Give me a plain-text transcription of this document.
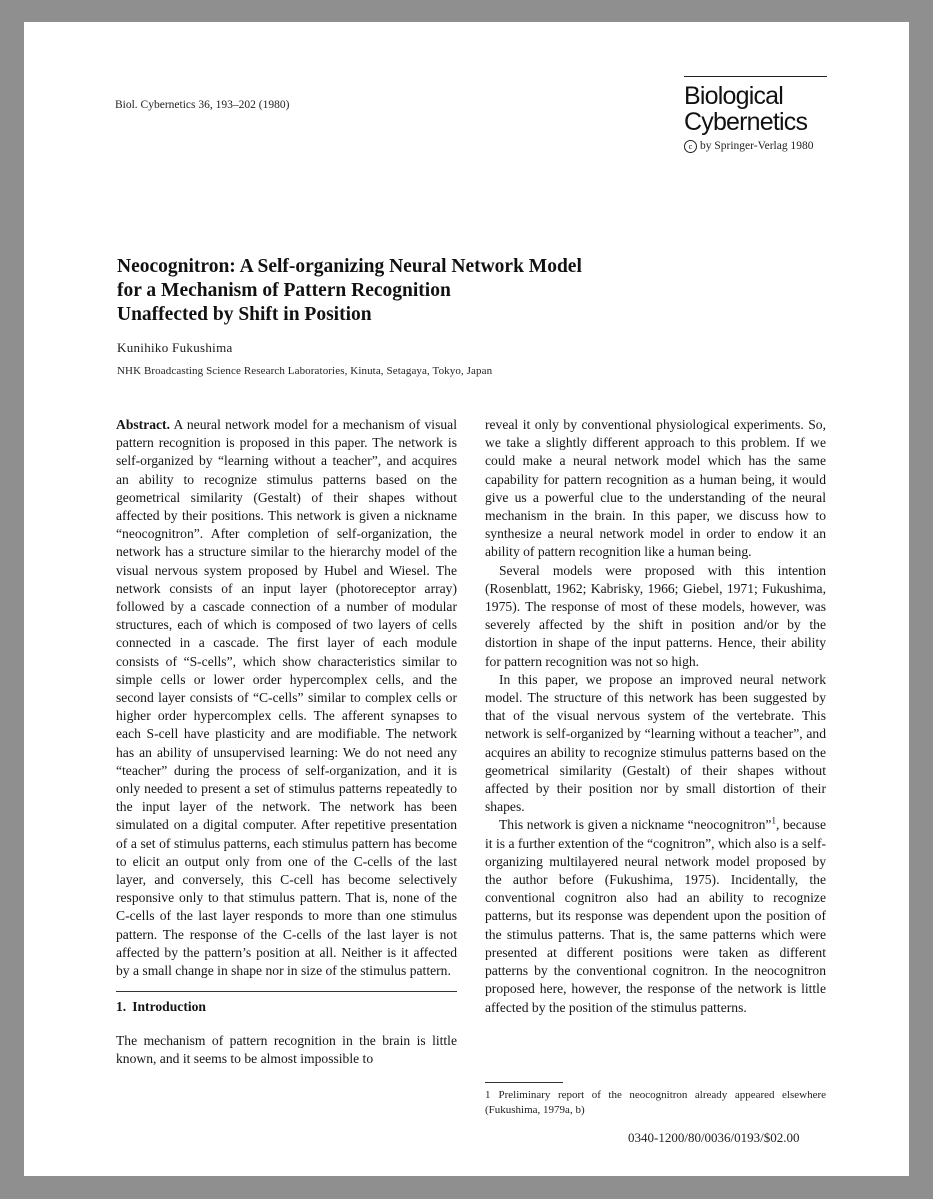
Biol. Cybernetics 36, 193–202 (1980)	Biological
Cybernetics
c by Springer-Verlag 1980
Neocognitron: A Self-organizing Neural Network Model
for a Mechanism of Pattern Recognition
Unaffected by Shift in Position
Kunihiko Fukushima
NHK Broadcasting Science Research Laboratories, Kinuta, Setagaya, Tokyo, Japan

Abstract. A neural network model for a mechanism of visual pattern recognition is proposed in this paper. The network is self-organized by “learning without a teacher”, and acquires an ability to recognize stimulus patterns based on the geometrical similarity (Gestalt) of their shapes without affected by their positions. This network is given a nickname “neocognitron”. After completion of self-organization, the network has a structure similar to the hierarchy model of the visual nervous system proposed by Hubel and Wiesel. The network consists of an input layer (photoreceptor array) followed by a cascade connection of a number of modular structures, each of which is composed of two layers of cells connected in a cascade. The first layer of each module consists of “S-cells”, which show characteristics similar to simple cells or lower order hypercomplex cells, and the second layer consists of “C-cells” similar to complex cells or higher order hypercomplex cells. The afferent synapses to each S-cell have plasticity and are modifiable. The network has an ability of unsupervised learning: We do not need any “teacher” during the process of self-organization, and it is only needed to present a set of stimulus patterns repeatedly to the input layer of the network. The network has been simulated on a digital computer. After repetitive presentation of a set of stimulus patterns, each stimulus pattern has become to elicit an output only from one of the C-cells of the last layer, and conversely, this C-cell has become selectively responsive only to that stimulus pattern. That is, none of the C-cells of the last layer responds to more than one stimulus pattern. The response of the C-cells of the last layer is not affected by the pattern’s position at all. Neither is it affected by a small change in shape nor in size of the stimulus pattern.

1. Introduction

The mechanism of pattern recognition in the brain is little known, and it seems to be almost impossible to

reveal it only by conventional physiological experiments. So, we take a slightly different approach to this problem. If we could make a neural network model which has the same capability for pattern recognition as a human being, it would give us a powerful clue to the understanding of the neural mechanism in the brain. In this paper, we discuss how to synthesize a neural network model in order to endow it an ability of pattern recognition like a human being.

Several models were proposed with this intention (Rosenblatt, 1962; Kabrisky, 1966; Giebel, 1971; Fukushima, 1975). The response of most of these models, however, was severely affected by the shift in position and/or by the distortion in shape of the input patterns. Hence, their ability for pattern recognition was not so high.

In this paper, we propose an improved neural network model. The structure of this network has been suggested by that of the visual nervous system of the vertebrate. This network is self-organized by “learning without a teacher”, and acquires an ability to recognize stimulus patterns based on the geometrical similarity (Gestalt) of their shapes without affected by their position nor by small distortion of their shapes.

This network is given a nickname “neocognitron”$^1$, because it is a further extention of the “cognitron”, which also is a self-organizing multilayered neural network model proposed by the author before (Fukushima, 1975). Incidentally, the conventional cognitron also had an ability to recognize patterns, but its response was dependent upon the position of the stimulus patterns. That is, the same patterns which were presented at different positions were taken as different patterns by the conventional cognitron. In the neocognitron proposed here, however, the response of the network is little affected by the position of the stimulus patterns.

1 Preliminary report of the neocognitron already appeared elsewhere (Fukushima, 1979a, b)
0340-1200/80/0036/0193/$02.00
